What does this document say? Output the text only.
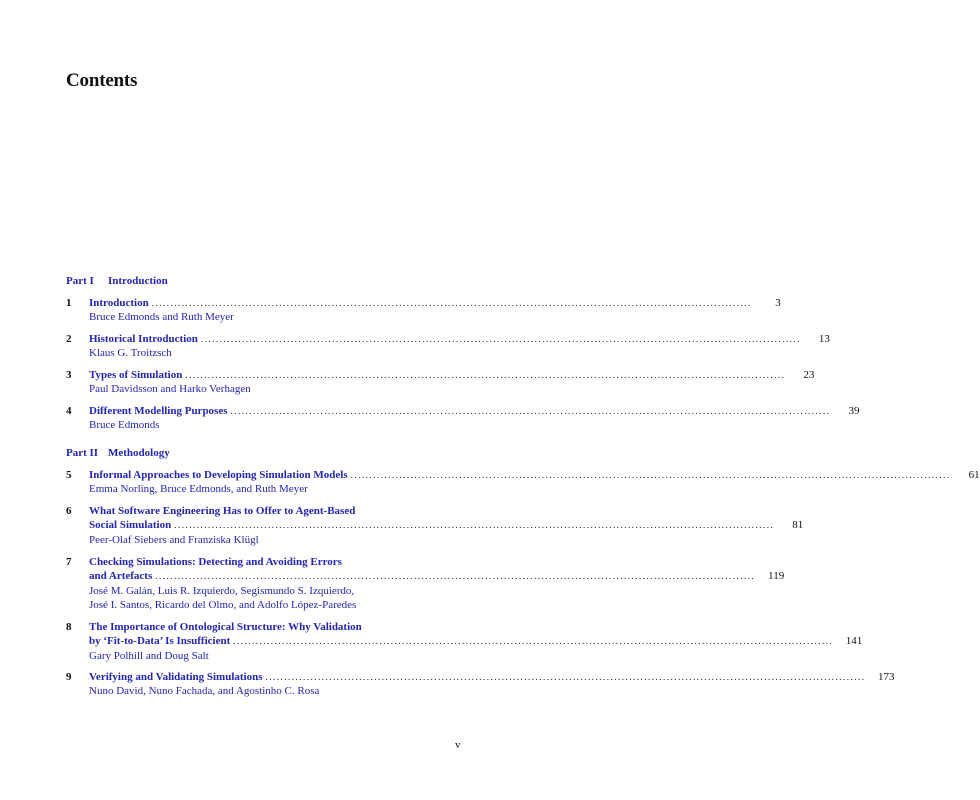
Contents
Part I Introduction
1 Introduction ................................................................................................................................................................	3
Bruce Edmonds and Ruth Meyer
2 Historical Introduction ................................................................................................................................................................	13
Klaus G. Troitzsch
3 Types of Simulation ................................................................................................................................................................	23
Paul Davidsson and Harko Verhagen
4 Different Modelling Purposes ................................................................................................................................................................	39
Bruce Edmonds
Part II Methodology
5 Informal Approaches to Developing Simulation Models ................................................................................................................................................................	61
Emma Norling, Bruce Edmonds, and Ruth Meyer
6 What Software Engineering Has to Offer to Agent-Based
Social Simulation ................................................................................................................................................................	81
Peer-Olaf Siebers and Franziska Klügl
7 Checking Simulations: Detecting and Avoiding Errors
and Artefacts ................................................................................................................................................................	119
José M. Galán, Luis R. Izquierdo, Segismundo S. Izquierdo,
José I. Santos, Ricardo del Olmo, and Adolfo López-Paredes
8 The Importance of Ontological Structure: Why Validation
by ‘Fit-to-Data’ Is Insufficient ................................................................................................................................................................	141
Gary Polhill and Doug Salt
9 Verifying and Validating Simulations ................................................................................................................................................................	173
Nuno David, Nuno Fachada, and Agostinho C. Rosa
v
